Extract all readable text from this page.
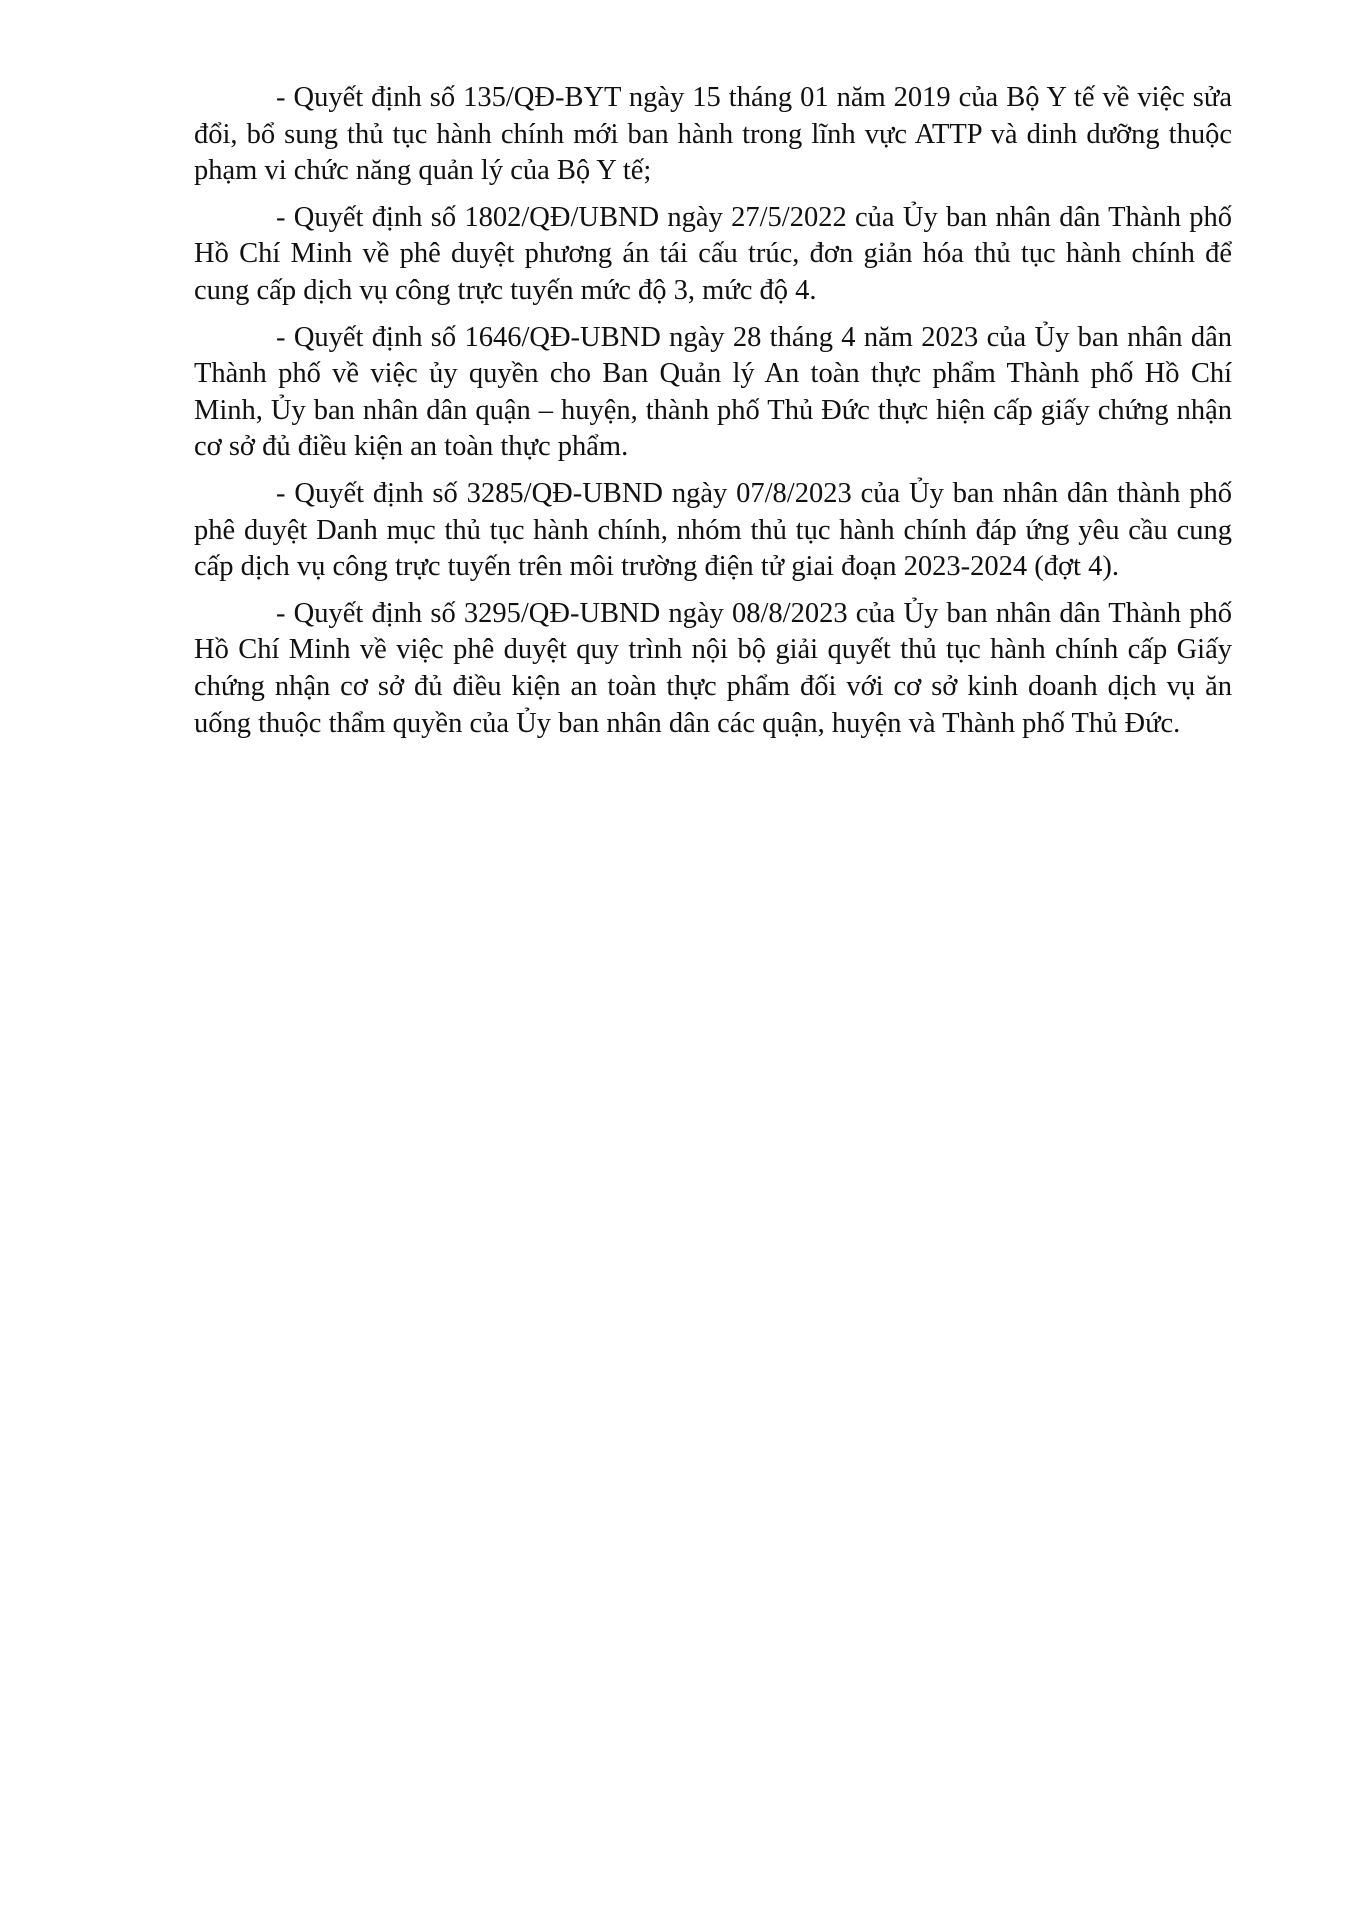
- Quyết định số 135/QĐ-BYT ngày 15 tháng 01 năm 2019 của Bộ Y tế về việc sửa đổi, bổ sung thủ tục hành chính mới ban hành trong lĩnh vực ATTP và dinh dưỡng thuộc phạm vi chức năng quản lý của Bộ Y tế;

- Quyết định số 1802/QĐ/UBND ngày 27/5/2022 của Ủy ban nhân dân Thành phố Hồ Chí Minh về phê duyệt phương án tái cấu trúc, đơn giản hóa thủ tục hành chính để cung cấp dịch vụ công trực tuyến mức độ 3, mức độ 4.

- Quyết định số 1646/QĐ-UBND ngày 28 tháng 4 năm 2023 của Ủy ban nhân dân Thành phố về việc ủy quyền cho Ban Quản lý An toàn thực phẩm Thành phố Hồ Chí Minh, Ủy ban nhân dân quận – huyện, thành phố Thủ Đức thực hiện cấp giấy chứng nhận cơ sở đủ điều kiện an toàn thực phẩm.

- Quyết định số 3285/QĐ-UBND ngày 07/8/2023 của Ủy ban nhân dân thành phố phê duyệt Danh mục thủ tục hành chính, nhóm thủ tục hành chính đáp ứng yêu cầu cung cấp dịch vụ công trực tuyến trên môi trường điện tử giai đoạn 2023-2024 (đợt 4).

- Quyết định số 3295/QĐ-UBND ngày 08/8/2023 của Ủy ban nhân dân Thành phố Hồ Chí Minh về việc phê duyệt quy trình nội bộ giải quyết thủ tục hành chính cấp Giấy chứng nhận cơ sở đủ điều kiện an toàn thực phẩm đối với cơ sở kinh doanh dịch vụ ăn uống thuộc thẩm quyền của Ủy ban nhân dân các quận, huyện và Thành phố Thủ Đức.
